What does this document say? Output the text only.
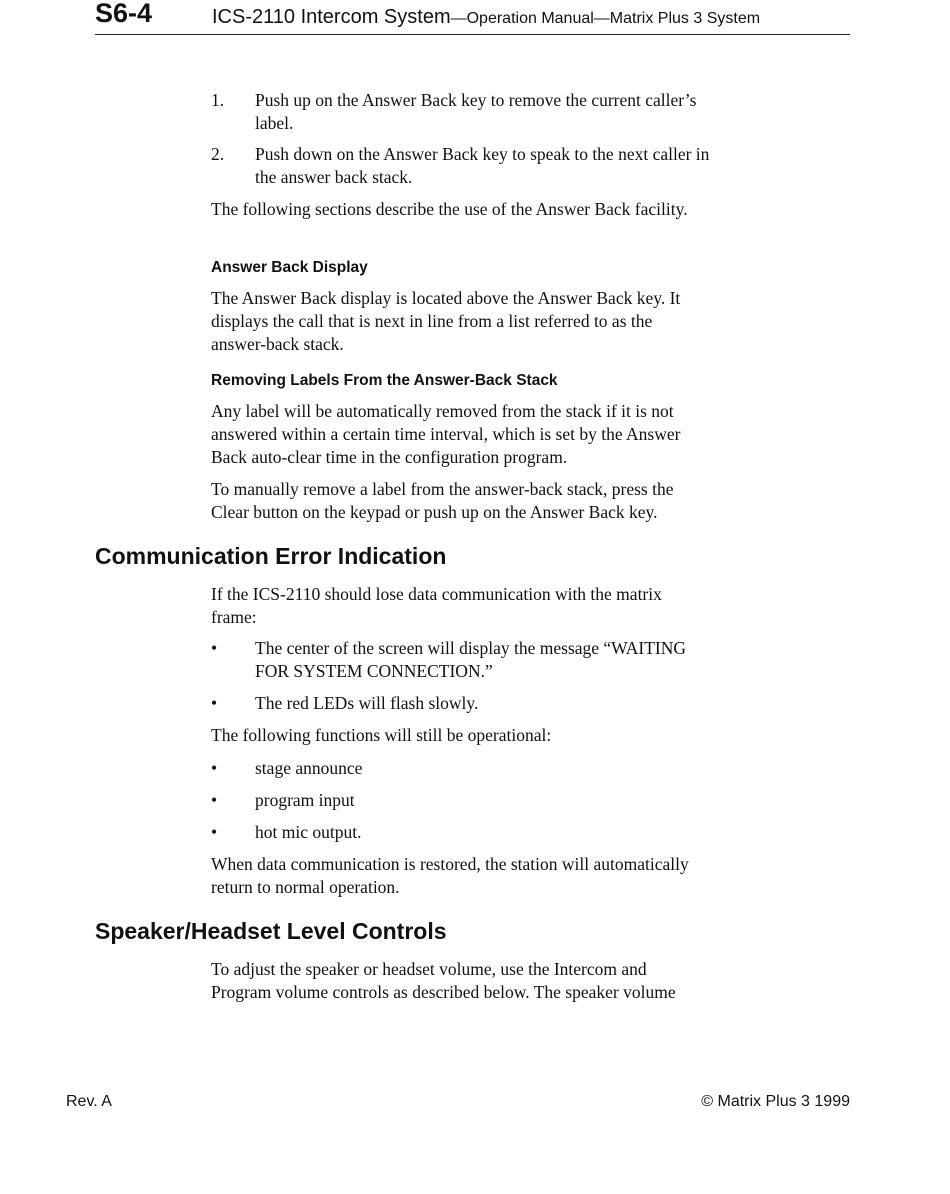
S6-4	ICS-2110 Intercom System—Operation Manual—Matrix Plus 3 System
1. Push up on the Answer Back key to remove the current caller’s label.
2. Push down on the Answer Back key to speak to the next caller in the answer back stack.
The following sections describe the use of the Answer Back facility.
Answer Back Display
The Answer Back display is located above the Answer Back key. It displays the call that is next in line from a list referred to as the answer-back stack.
Removing Labels From the Answer-Back Stack
Any label will be automatically removed from the stack if it is not answered within a certain time interval, which is set by the Answer Back auto-clear time in the configuration program.
To manually remove a label from the answer-back stack, press the Clear button on the keypad or push up on the Answer Back key.
Communication Error Indication
If the ICS-2110 should lose data communication with the matrix frame:
• The center of the screen will display the message “WAITING FOR SYSTEM CONNECTION.”
• The red LEDs will flash slowly.
The following functions will still be operational:
• stage announce
• program input
• hot mic output.
When data communication is restored, the station will automatically return to normal operation.
Speaker/Headset Level Controls
To adjust the speaker or headset volume, use the Intercom and Program volume controls as described below. The speaker volume
Rev. A	© Matrix Plus 3 1999
